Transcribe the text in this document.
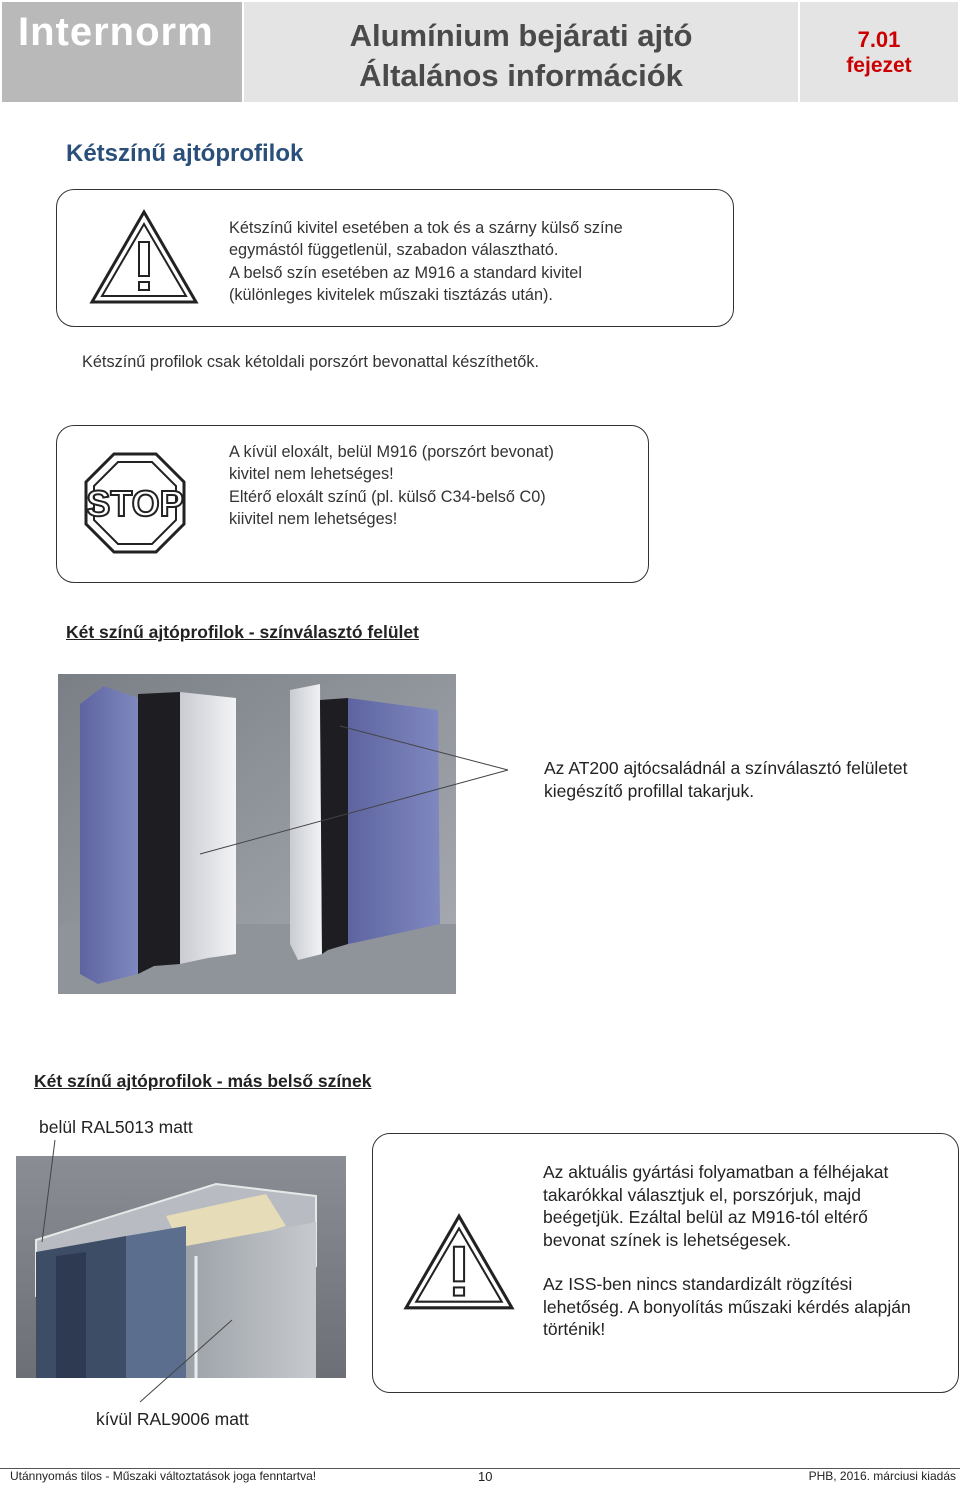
Internorm	Alumínium bejárati ajtó
Általános információk
7.01
fejezet
Kétszínű ajtóprofilok
Kétszínű kivitel esetében a tok és a szárny külső színe
egymástól függetlenül, szabadon választható.
A belső szín esetében az M916 a standard kivitel
(különleges kivitelek műszaki tisztázás után).
Kétszínű profilok csak kétoldali porszórt bevonattal készíthetők.
STOP
A kívül eloxált, belül M916 (porszórt bevonat)
kivitel nem lehetséges!
Eltérő eloxált színű (pl. külső C34-belső C0)
kiivitel nem lehetséges!
Két színű ajtóprofilok - színválasztó felület
Az AT200 ajtócsaládnál a színválasztó felületet
kiegészítő profillal takarjuk.
Két színű ajtóprofilok - más belső színek
belül RAL5013 matt
kívül RAL9006 matt
Az aktuális gyártási folyamatban a félhéjakat
takarókkal választjuk el, porszórjuk, majd
beégetjük. Ezáltal belül az M916-tól eltérő
bevonat színek is lehetségesek.
Az ISS-ben nincs standardizált rögzítési
lehetőség. A bonyolítás műszaki kérdés alapján
történik!
Utánnyomás tilos - Műszaki változtatások joga fenntartva!	10	PHB, 2016. márciusi kiadás
